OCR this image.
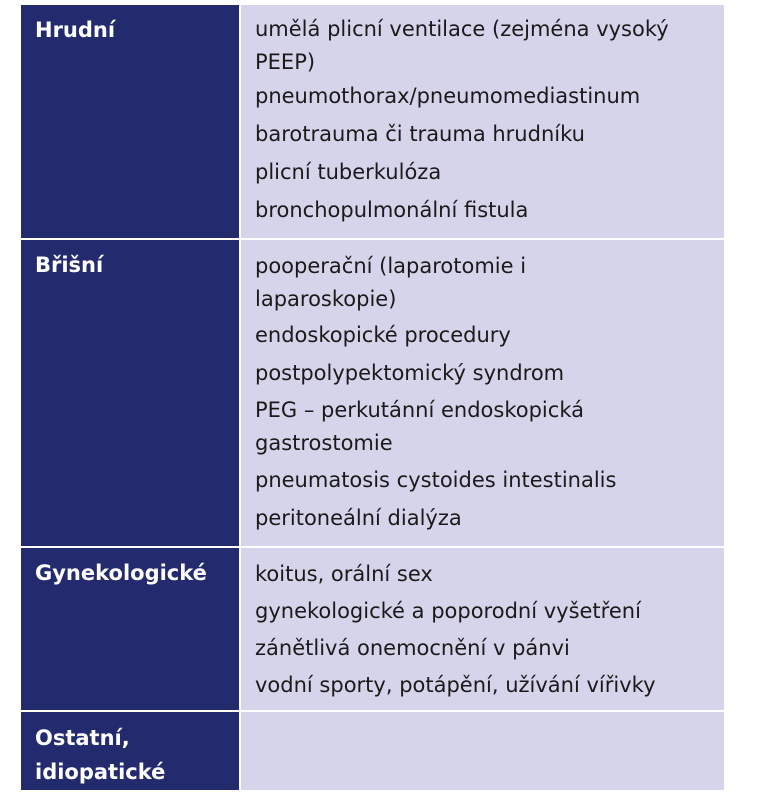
Hrudní	umělá plicní ventilace (zejména vysoký PEEP)
pneumothorax/pneumomediastinum
barotrauma či trauma hrudníku
plicní tuberkulóza
bronchopulmonální fistula
Břišní	pooperační (laparotomie i laparoskopie)
endoskopické procedury
postpolypektomický syndrom
PEG – perkutánní endoskopická gastrostomie
pneumatosis cystoides intestinalis
peritoneální dialýza
Gynekologické	koitus, orální sex
gynekologické a poporodní vyšetření
zánětlivá onemocnění v pánvi
vodní sporty, potápění, užívání vířivky
Ostatní, idiopatické
